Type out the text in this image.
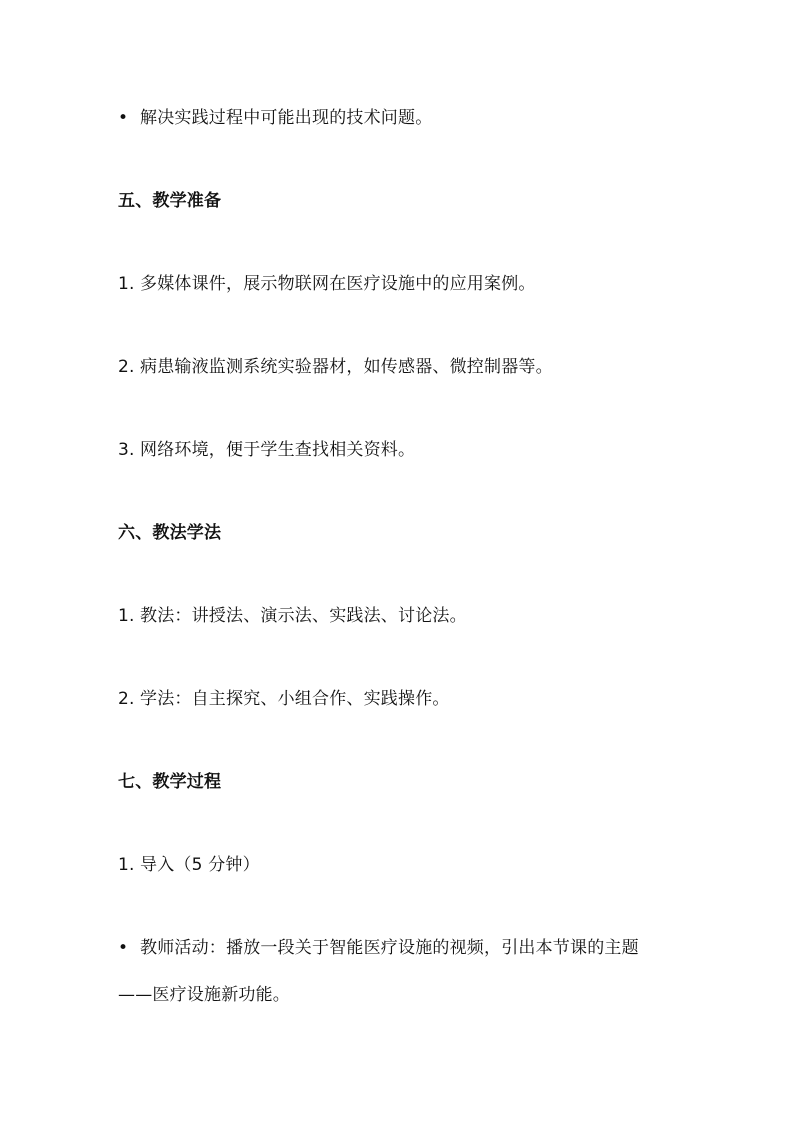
• 解决实践过程中可能出现的技术问题。
五、教学准备
1. 多媒体课件，展示物联网在医疗设施中的应用案例。
2. 病患输液监测系统实验器材，如传感器、微控制器等。
3. 网络环境，便于学生查找相关资料。
六、教法学法
1. 教法：讲授法、演示法、实践法、讨论法。
2. 学法：自主探究、小组合作、实践操作。
七、教学过程
1. 导入（5 分钟）
• 教师活动：播放一段关于智能医疗设施的视频，引出本节课的主题
——医疗设施新功能。
